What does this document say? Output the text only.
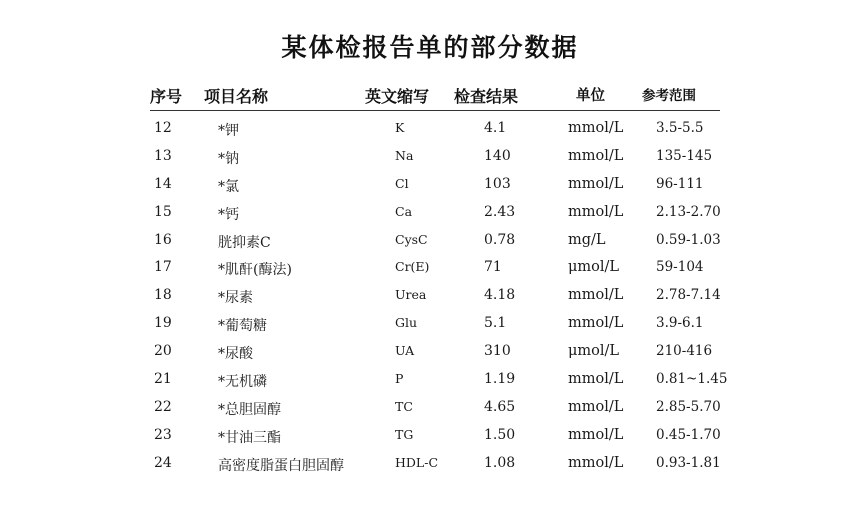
某体检报告单的部分数据
序号 项目名称	英文缩写 检查结果	单位	参考范围
12	*钾	K	4.1	mmol/L 3.5-5.5
13	*钠	Na	140	mmol/L 135-145
14	*氯	Cl	103	mmol/L 96-111
15	*钙	Ca	2.43	mmol/L 2.13-2.70
16	胱抑素C	CysC	0.78	mg/L	0.59-1.03
17	*肌酐(酶法)	Cr(E)	71	μmol/L	59-104
18	*尿素	Urea	4.18	mmol/L 2.78-7.14
19	*葡萄糖	Glu	5.1	mmol/L 3.9-6.1
20	*尿酸	UA	310	μmol/L	210-416
21	*无机磷	P	1.19	mmol/L 0.81~1.45
22	*总胆固醇	TC	4.65	mmol/L 2.85-5.70
23	*甘油三酯	TG	1.50	mmol/L 0.45-1.70
24	高密度脂蛋白胆固醇	HDL-C	1.08	mmol/L 0.93-1.81
